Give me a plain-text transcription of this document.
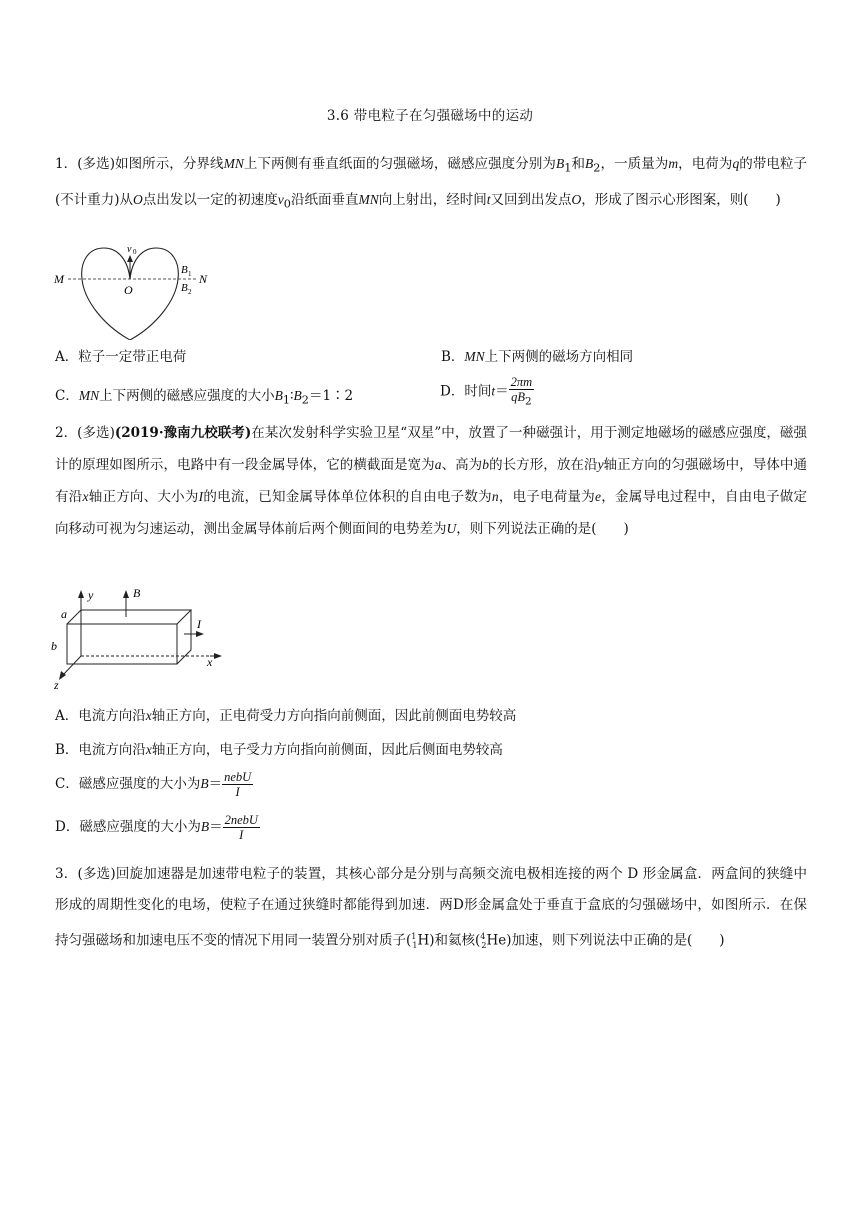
3.6 带电粒子在匀强磁场中的运动
1．(多选)如图所示，分界线MN上下两侧有垂直纸面的匀强磁场，磁感应强度分别为$B_1$和$B_2$，一质量为m，电荷为q的带电粒子(不计重力)从O点出发以一定的初速度$v_0$沿纸面垂直MN向上射出，经时间t又回到出发点O，形成了图示心形图案，则(　　)
M	N
O
v 0
B 1
B 2
A．粒子一定带正电荷	B．MN上下两侧的磁场方向相同
C．MN上下两侧的磁感应强度的大小$B_1∶B_2=1∶2$	D．时间$t= \frac{2\pi m}{qB_2}$
2．(多选)(2019·豫南九校联考)在某次发射科学实验卫星“双星”中，放置了一种磁强计，用于测定地磁场的磁感应强度，磁强计的原理如图所示，电路中有一段金属导体，它的横截面是宽为a、高为b的长方形，放在沿y轴正方向的匀强磁场中，导体中通有沿x轴正方向、大小为I的电流，已知金属导体单位体积的自由电子数为n，电子电荷量为e，金属导电过程中，自由电子做定向移动可视为匀速运动，测出金属导体前后两个侧面间的电势差为U，则下列说法正确的是(　　)
y	B
a
b
I
x
z
A．电流方向沿x轴正方向，正电荷受力方向指向前侧面，因此前侧面电势较高
B．电流方向沿x轴正方向，电子受力方向指向前侧面，因此后侧面电势较高
C．磁感应强度的大小为$B= \frac{\text{nebU}}{I}$
D．磁感应强度的大小为$B= \frac{\text{2nebU}}{I}$
3．(多选)回旋加速器是加速带电粒子的装置，其核心部分是分别与高频交流电极相连接的两个 D 形金属盒．两盒间的狭缝中形成的周期性变化的电场，使粒子在通过狭缝时都能得到加速．两D形金属盒处于垂直于盒底的匀强磁场中，如图所示．在保持匀强磁场和加速电压不变的情况下用同一装置分别对质子($^1_1$H)和氦核($^4_2$He)加速，则下列说法中正确的是(　　)
